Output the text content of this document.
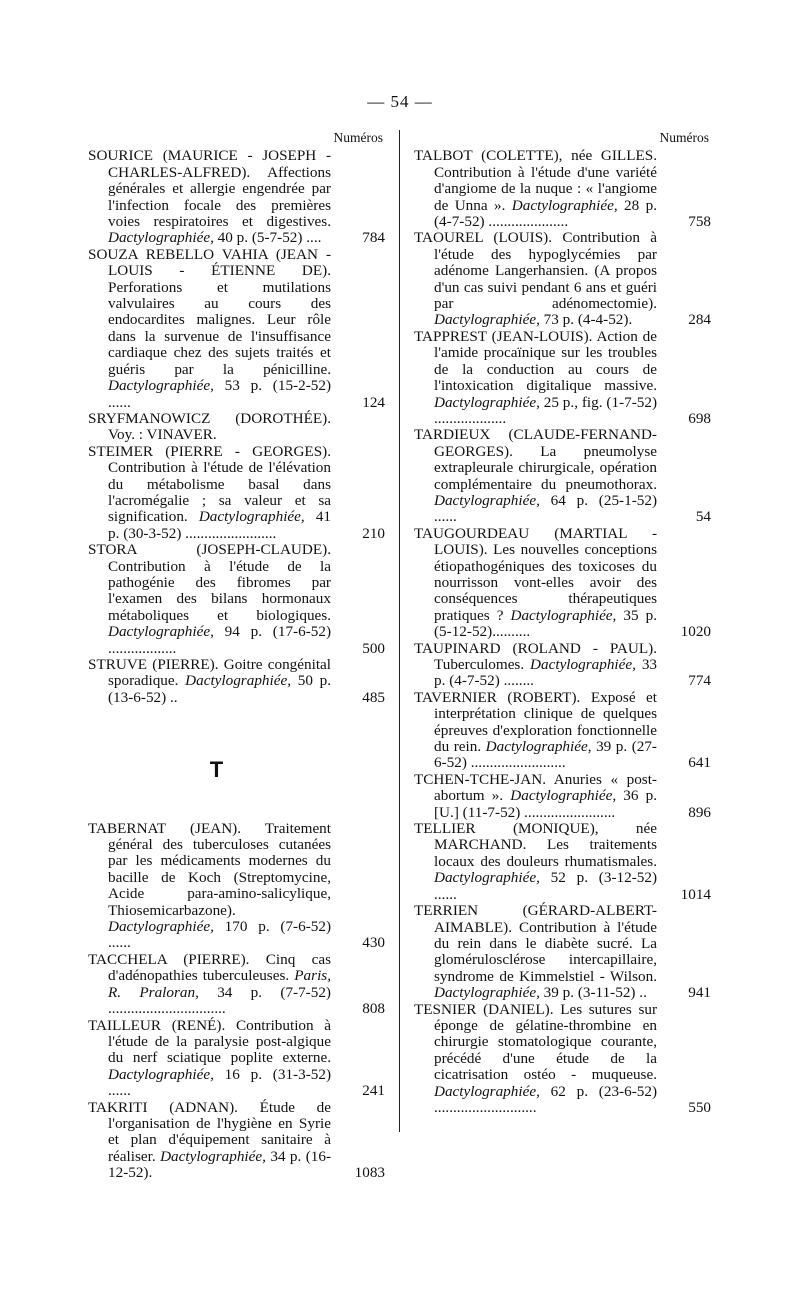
— 54 —
Numéros
SOURICE (MAURICE - JOSEPH - CHARLES-ALFRED). Affections générales et allergie engendrée par l'infection focale des premières voies respiratoires et digestives. Dactylographiée, 40 p. (5-7-52) ....	784
SOUZA REBELLO VAHIA (JEAN - LOUIS - ÉTIENNE DE). Perforations et mutilations valvulaires au cours des endocardites malignes. Leur rôle dans la survenue de l'insuffisance cardiaque chez des sujets traités et guéris par la pénicilline. Dactylographiée, 53 p. (15-2-52) ......	124
SRYFMANOWICZ (DOROTHÉE). Voy. : VINAVER.
STEIMER (PIERRE - GEORGES). Contribution à l'étude de l'élévation du métabolisme basal dans l'acromégalie ; sa valeur et sa signification. Dactylographiée, 41 p. (30-3-52) ........................	210
STORA	(JOSEPH-CLAUDE). Contribution à l'étude de la pathogénie des fibromes par l'examen des bilans hormonaux métaboliques et biologiques. Dactylographiée, 94 p. (17-6-52) ..................	500
STRUVE (PIERRE). Goitre congénital sporadique. Dactylographiée, 50 p. (13-6-52) ..	485
T
TABERNAT (JEAN). Traitement général des tuberculoses cutanées par les médicaments modernes du bacille de Koch (Streptomycine, Acide para-amino-salicylique, Thiosemicarbazone). Dactylographiée, 170 p. (7-6-52) ......	430
TACCHELA (PIERRE). Cinq cas d'adénopathies tuberculeuses. Paris, R. Praloran, 34 p. (7-7-52) ...............................	808
TAILLEUR (RENÉ). Contribution à l'étude de la paralysie post-algique du nerf sciatique poplite externe. Dactylographiée, 16 p. (31-3-52) ......	241
TAKRITI (ADNAN). Étude de l'organisation de l'hygiène en Syrie et plan d'équipement sanitaire à réaliser. Dactylographiée, 34 p. (16-12-52).	1083
Numéros
TALBOT (COLETTE), née GILLES. Contribution à l'étude d'une variété d'angiome de la nuque : « l'angiome de Unna ». Dactylographiée, 28 p. (4-7-52) .....................	758
TAOUREL (LOUIS). Contribution à l'étude des hypoglycémies par adénome Langerhansien. (A propos d'un cas suivi pendant 6 ans et guéri par adénomectomie). Dactylographiée, 73 p. (4-4-52).	284
TAPPREST (JEAN-LOUIS). Action de l'amide procaïnique sur les troubles de la conduction au cours de l'intoxication digitalique massive. Dactylographiée, 25 p., fig. (1-7-52) ...................	698
TARDIEUX (CLAUDE-FERNAND-GEORGES). La pneumolyse extrapleurale chirurgicale, opération complémentaire du pneumothorax. Dactylographiée, 64 p. (25-1-52) ......	54
TAUGOURDEAU (MARTIAL - LOUIS). Les nouvelles conceptions étiopathogéniques des toxicoses du nourrisson vont-elles avoir des conséquences thérapeutiques pratiques ? Dactylographiée, 35 p. (5-12-52)..........	1020
TAUPINARD (ROLAND - PAUL). Tuberculomes. Dactylographiée, 33 p. (4-7-52) ........	774
TAVERNIER (ROBERT). Exposé et interprétation clinique de quelques épreuves d'exploration fonctionnelle du rein. Dactylographiée, 39 p. (27-6-52) .........................	641
TCHEN-TCHE-JAN. Anuries « post-abortum ». Dactylographiée, 36 p. [U.] (11-7-52) ........................	896
TELLIER (MONIQUE), née MARCHAND. Les traitements locaux des douleurs rhumatismales. Dactylographiée, 52 p. (3-12-52) ......	1014
TERRIEN	(GÉRARD-ALBERT-AIMABLE). Contribution à l'étude du rein dans le diabète sucré. La glomérulosclérose intercapillaire, syndrome de Kimmelstiel - Wilson. Dactylographiée, 39 p. (3-11-52) ..	941
TESNIER (DANIEL). Les sutures sur éponge de gélatine-thrombine en chirurgie stomatologique courante, précédé d'une étude de la cicatrisation ostéo - muqueuse. Dactylographiée, 62 p. (23-6-52) ...........................	550
